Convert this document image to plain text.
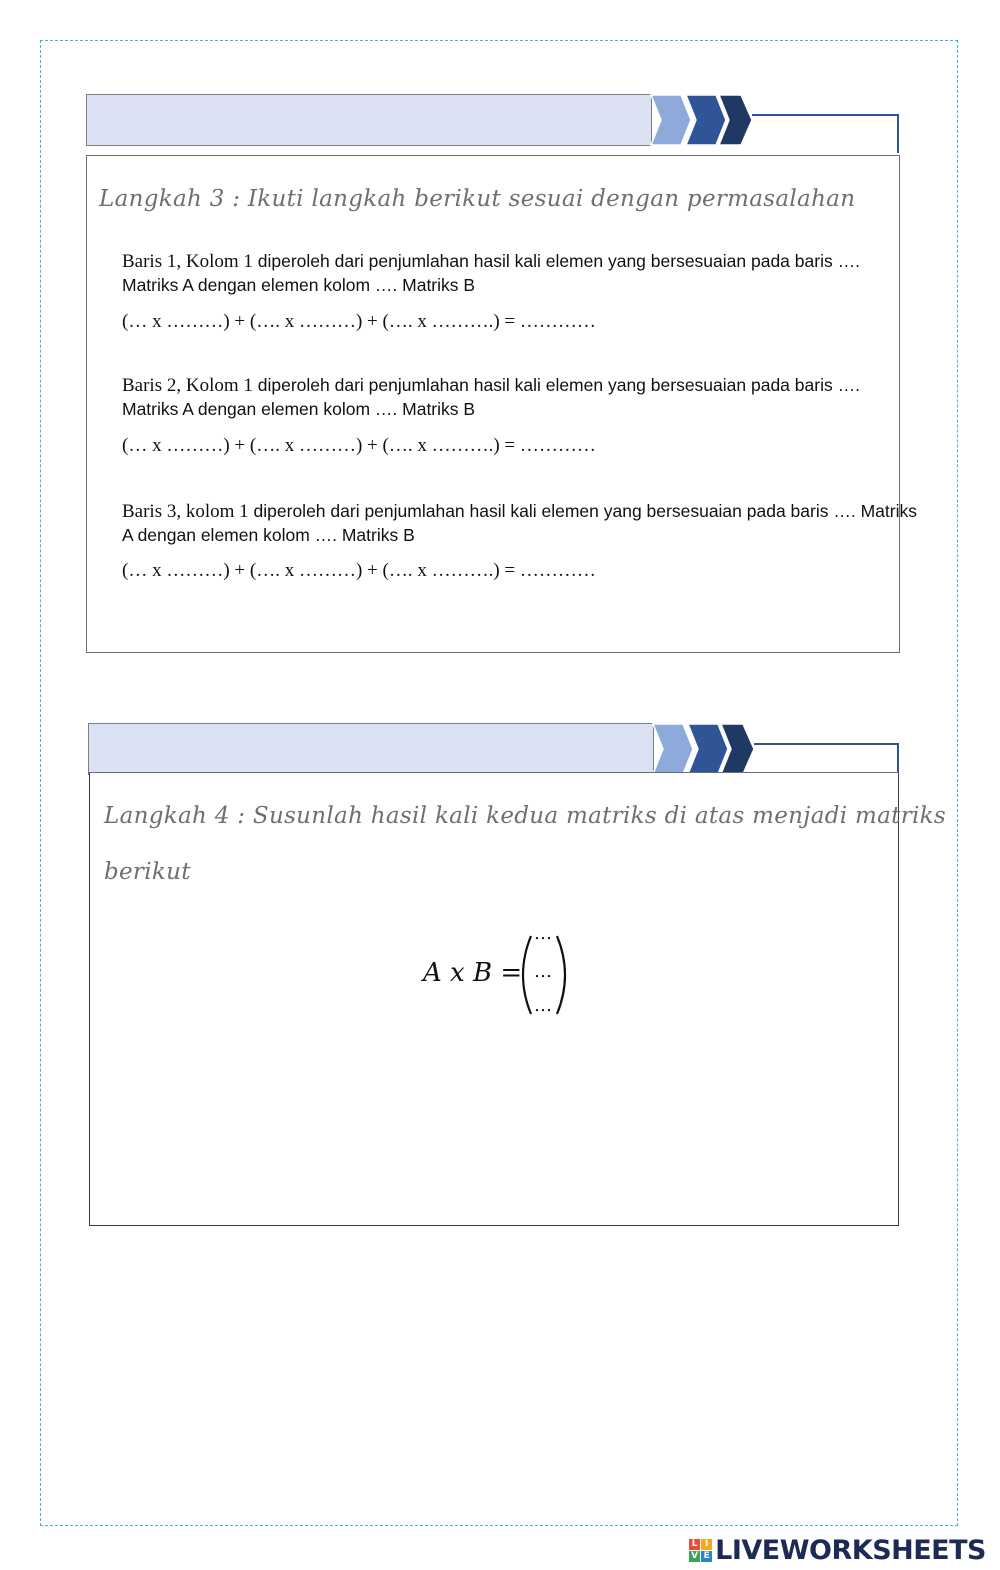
Langkah 3 : Ikuti langkah berikut sesuai dengan permasalahan
Baris 1, Kolom 1 diperoleh dari penjumlahan hasil kali elemen yang bersesuaian pada baris ….
Matriks A dengan elemen kolom …. Matriks B
(… x ………) + (…. x ………) + (…. x ……….) = …………
Baris 2, Kolom 1 diperoleh dari penjumlahan hasil kali elemen yang bersesuaian pada baris ….
Matriks A dengan elemen kolom …. Matriks B
(… x ………) + (…. x ………) + (…. x ……….) = …………
Baris 3, kolom 1 diperoleh dari penjumlahan hasil kali elemen yang bersesuaian pada baris …. Matriks
A dengan elemen kolom …. Matriks B
(… x ………) + (…. x ………) + (…. x ……….) = …………
Langkah 4 : Susunlah hasil kali kedua matriks di atas menjadi matriks
berikut
A x B =
…
…
…
L I
V E LIVEWORKSHEETS
